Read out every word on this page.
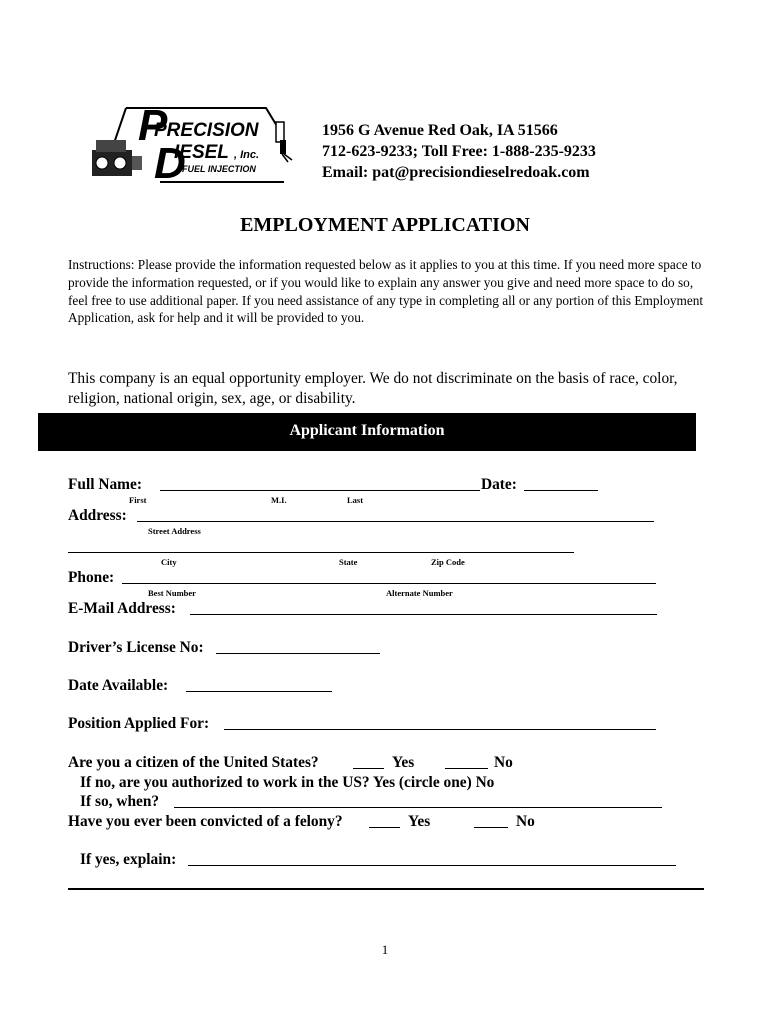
P
PRECISION
D
IESEL , Inc.
FUEL INJECTION
1956 G Avenue Red Oak, IA 51566
712-623-9233; Toll Free: 1-888-235-9233
Email: pat@precisiondieselredoak.com
EMPLOYMENT APPLICATION
Instructions: Please provide the information requested below as it applies to you at this time. If you need more space to provide the information requested, or if you would like to explain any answer you give and need more space to do so, feel free to use additional paper. If you need assistance of any type in completing all or any portion of this Employment Application, ask for help and it will be provided to you.
This company is an equal opportunity employer. We do not discriminate on the basis of race, color, religion, national origin, sex, age, or disability.
Applicant Information
Full Name:	Date:
First	M.I.	Last
Address:
Street Address
City	State	Zip Code
Phone:
Best Number	Alternate Number
E-Mail Address:
Driver’s License No:
Date Available:
Position Applied For:
Are you a citizen of the United States?	Yes	No
If no, are you authorized to work in the US? Yes (circle one) No
If so, when?
Have you ever been convicted of a felony?	Yes	No
If yes, explain:
1
